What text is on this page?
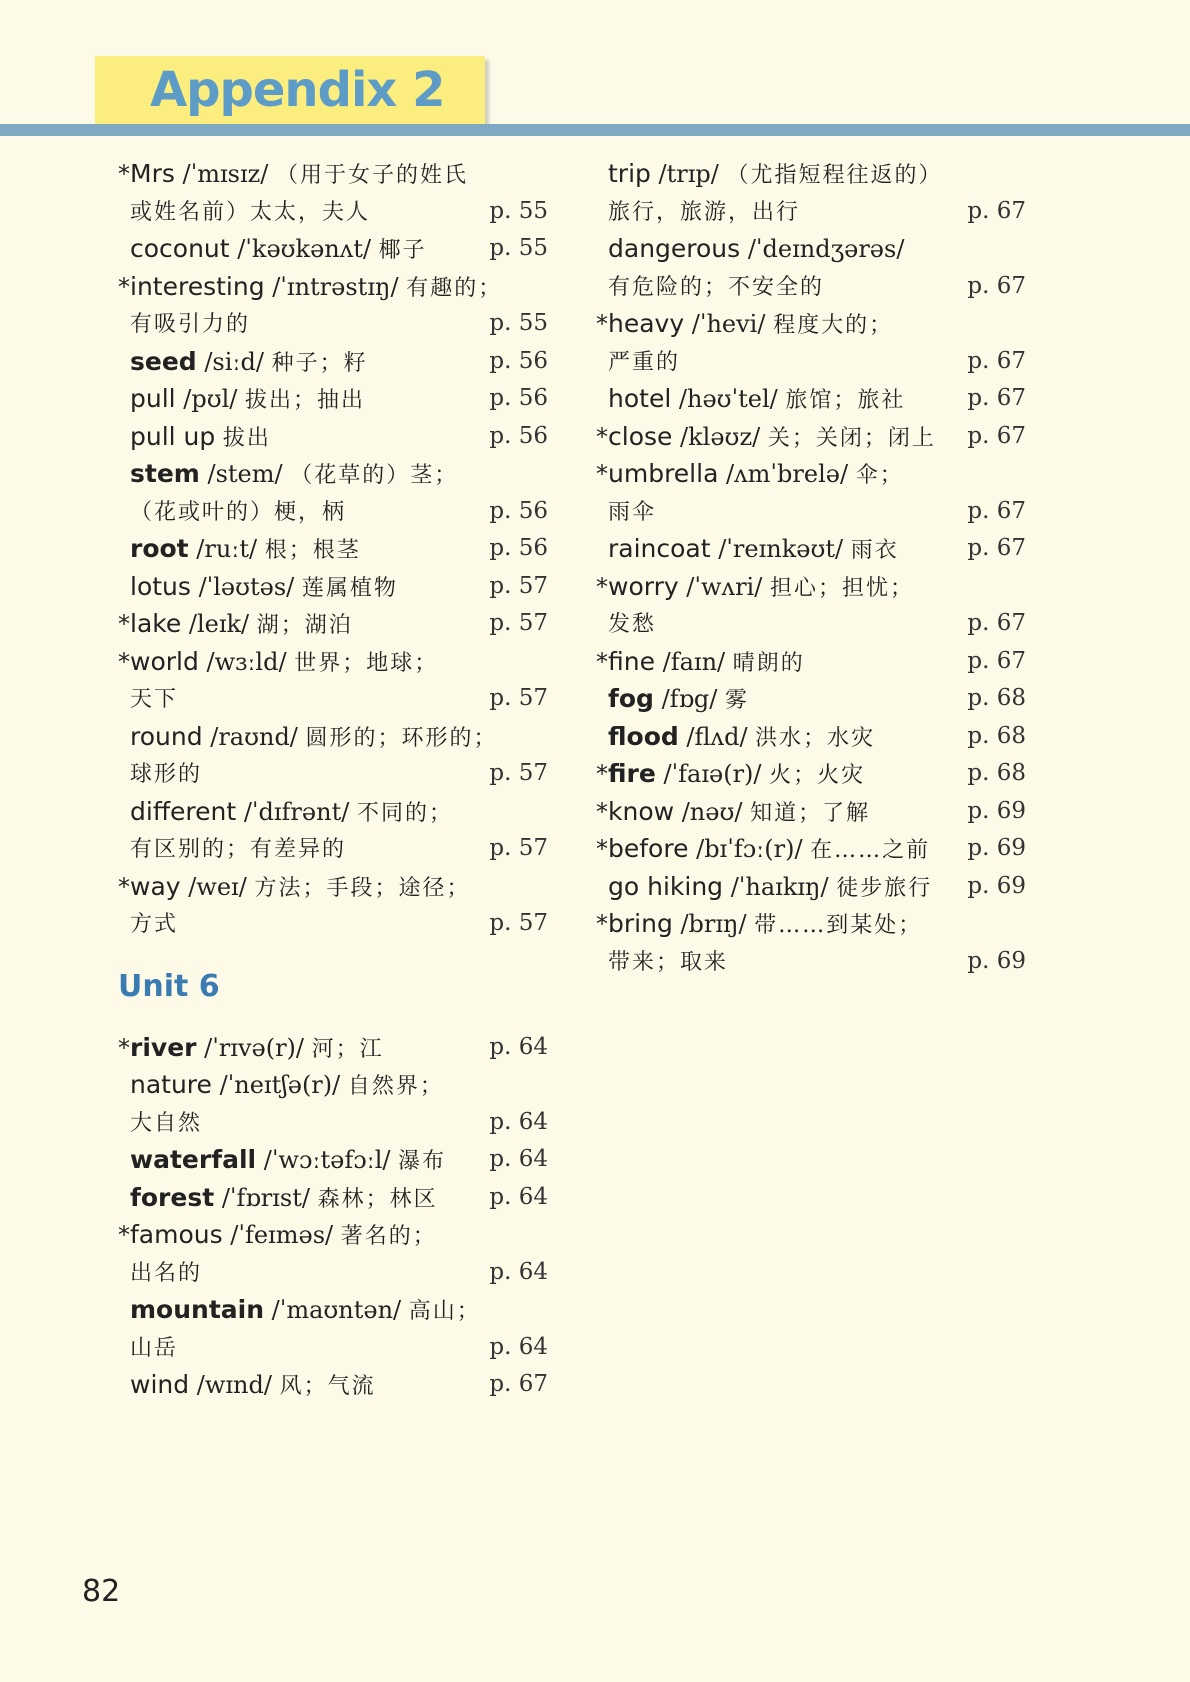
Appendix 2
*Mrs /ˈmɪsɪz/ （用于女子的姓氏
或姓名前）太太，夫人	p. 55
coconut /ˈkəʊkənʌt/ 椰子	p. 55
*interesting /ˈɪntrəstɪŋ/ 有趣的；
有吸引力的	p. 55
seed /siːd/ 种子；籽	p. 56
pull /pʊl/ 拔出；抽出	p. 56
pull up 拔出	p. 56
stem /stem/ （花草的）茎；
（花或叶的）梗，柄	p. 56
root /ruːt/ 根；根茎	p. 56
lotus /ˈləʊtəs/ 莲属植物	p. 57
*lake /leɪk/ 湖；湖泊	p. 57
*world /wɜːld/ 世界；地球；
天下	p. 57
round /raʊnd/ 圆形的；环形的；
球形的	p. 57
different /ˈdɪfrənt/ 不同的；
有区别的；有差异的	p. 57
*way /weɪ/ 方法；手段；途径；
方式	p. 57
Unit 6
*river /ˈrɪvə(r)/ 河；江	p. 64
nature /ˈneɪtʃə(r)/ 自然界；
大自然	p. 64
waterfall /ˈwɔːtəfɔːl/ 瀑布 p. 64
forest /ˈfɒrɪst/ 森林；林区 p. 64
*famous /ˈfeɪməs/ 著名的；
出名的	p. 64
mountain /ˈmaʊntən/ 高山；
山岳	p. 64
wind /wɪnd/ 风；气流	p. 67
trip /trɪp/ （尤指短程往返的）
旅行，旅游，出行	p. 67
dangerous /ˈdeɪndʒərəs/
有危险的；不安全的	p. 67
*heavy /ˈhevi/ 程度大的；
严重的	p. 67
hotel /həʊˈtel/ 旅馆；旅社	p. 67
*close /kləʊz/ 关；关闭；闭上 p. 67
*umbrella /ʌmˈbrelə/ 伞；
雨伞	p. 67
raincoat /ˈreɪnkəʊt/ 雨衣	p. 67
*worry /ˈwʌri/ 担心；担忧；
发愁	p. 67
*fine /faɪn/ 晴朗的	p. 67
fog /fɒg/ 雾	p. 68
flood /flʌd/ 洪水；水灾	p. 68
*fire /ˈfaɪə(r)/ 火；火灾	p. 68
*know /nəʊ/ 知道；了解	p. 69
*before /bɪˈfɔː(r)/ 在……之前 p. 69
go hiking /ˈhaɪkɪŋ/ 徒步旅行 p. 69
*bring /brɪŋ/ 带……到某处；
带来；取来	p. 69
82
